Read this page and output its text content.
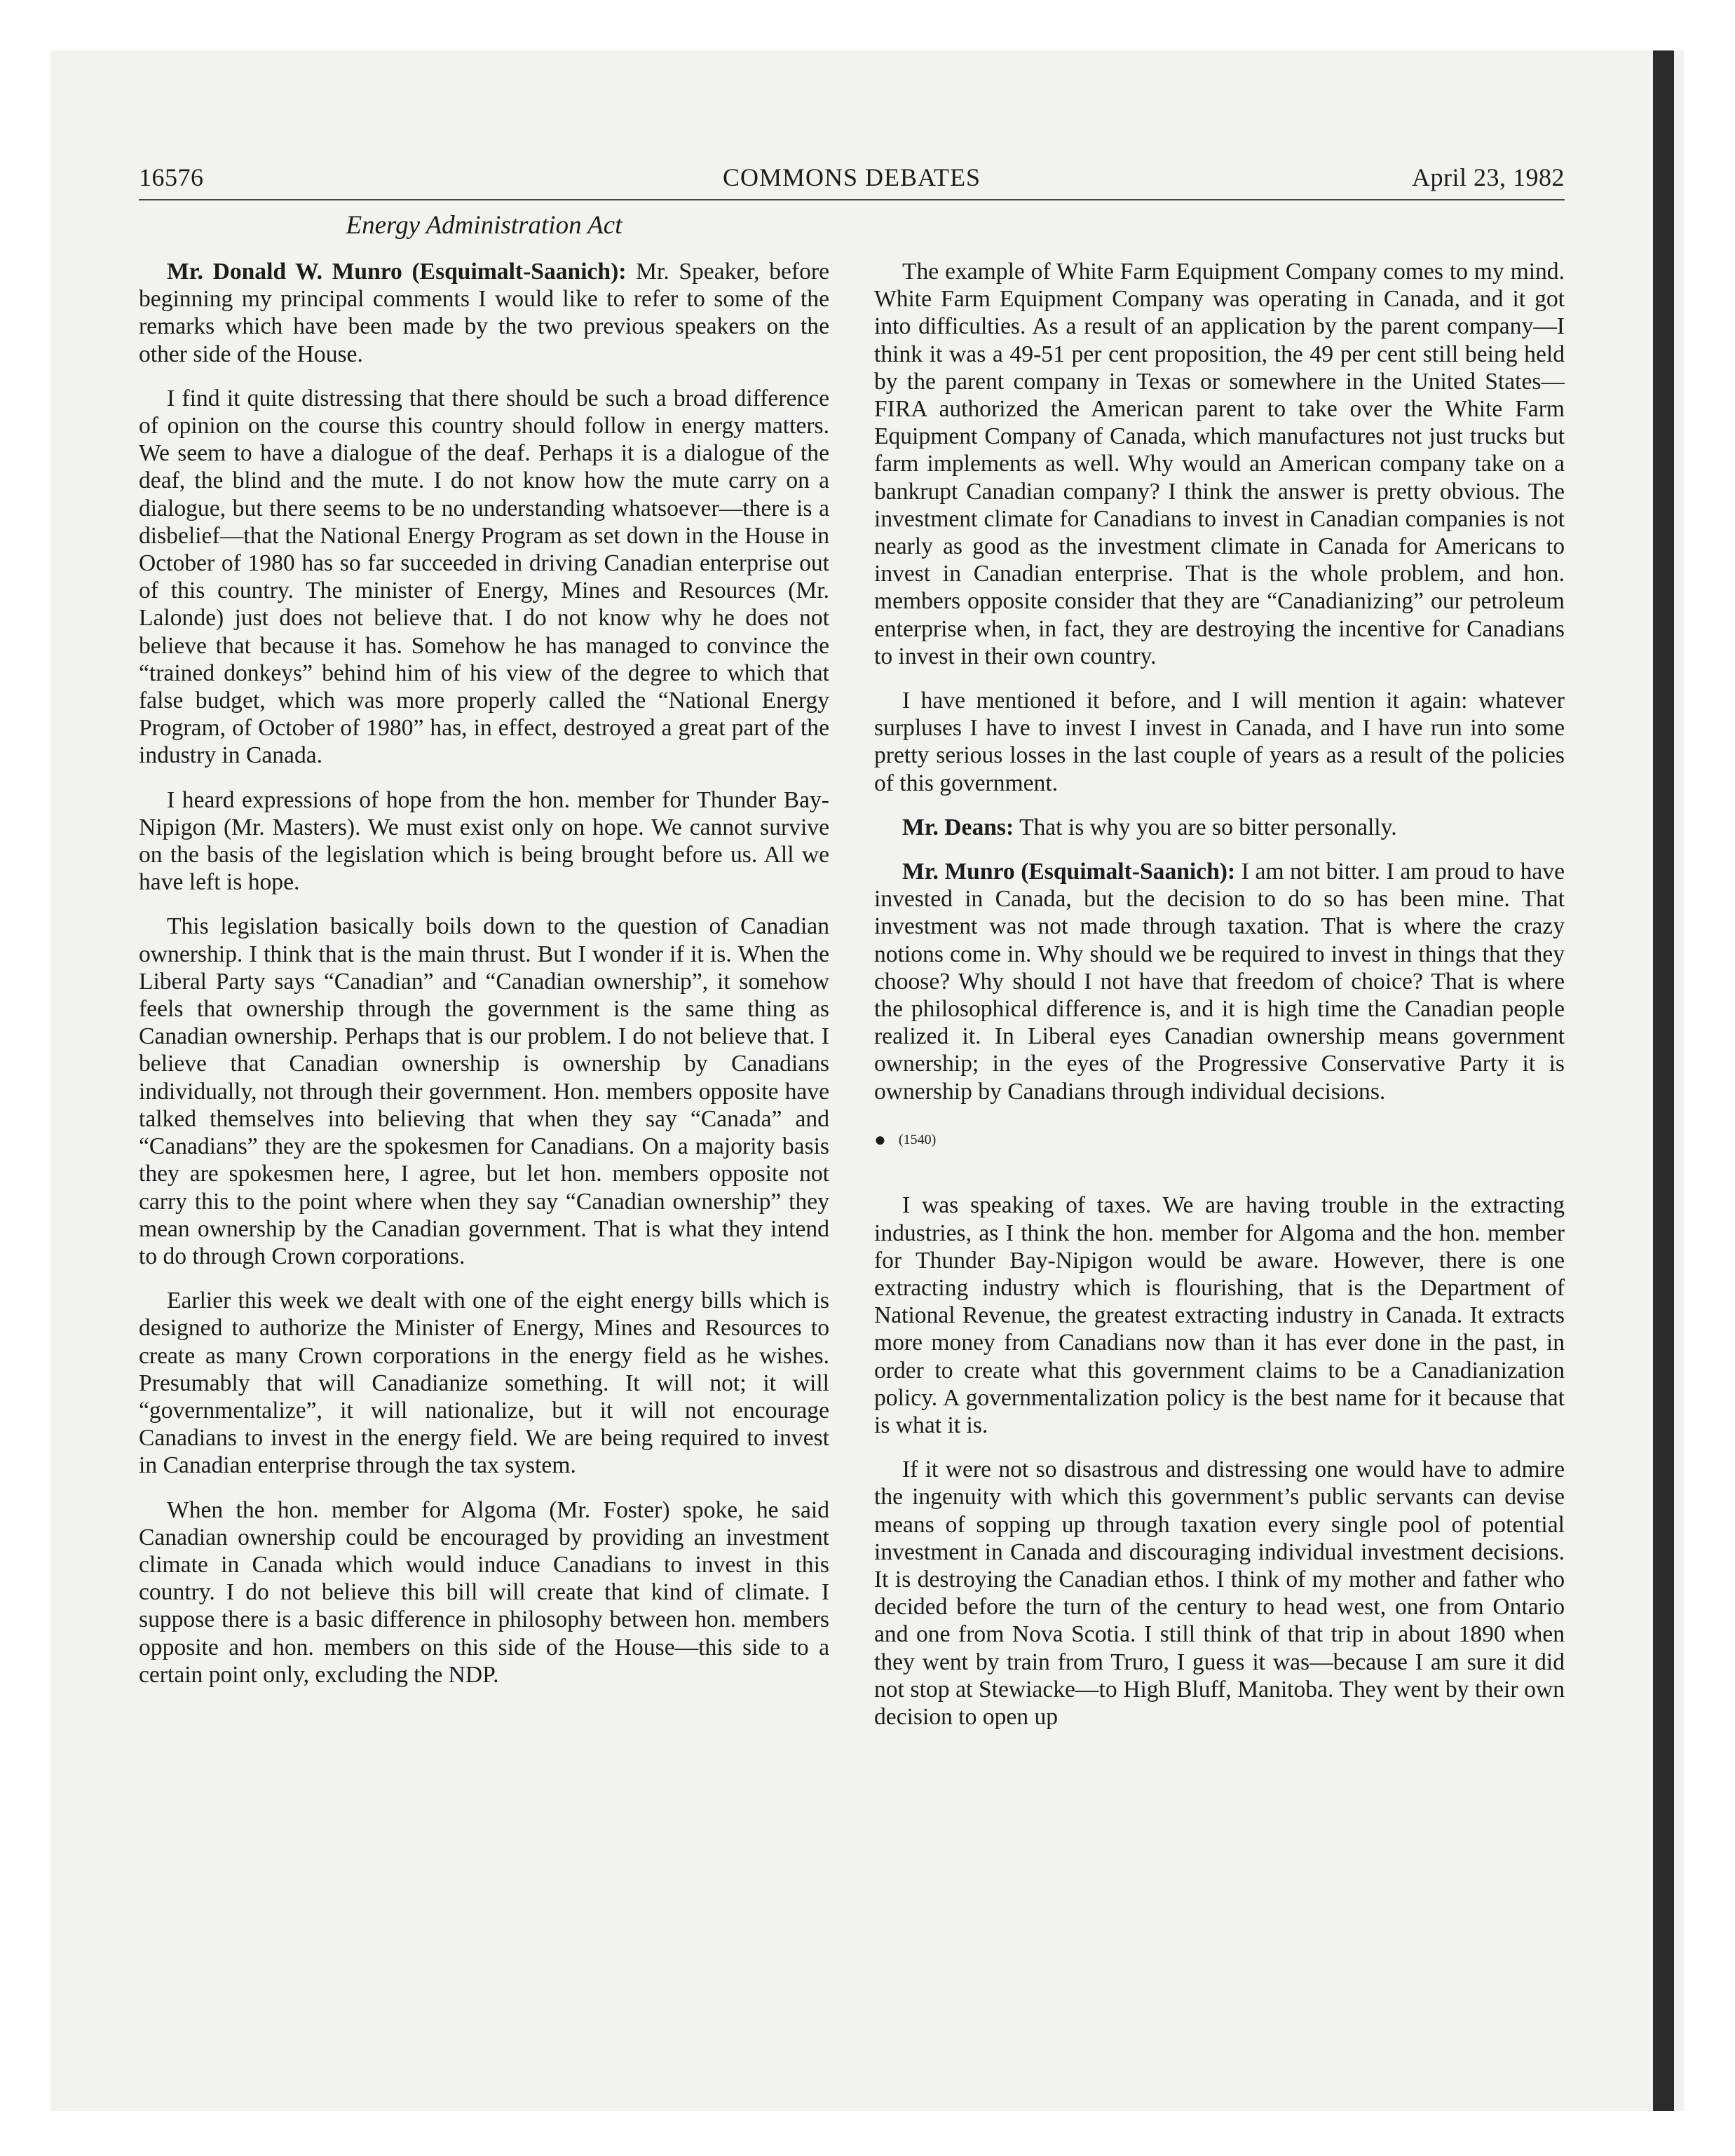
16576	COMMONS DEBATES	April 23, 1982
Energy Administration Act

Mr. Donald W. Munro (Esquimalt-Saanich): Mr. Speaker, before beginning my principal comments I would like to refer to some of the remarks which have been made by the two previous speakers on the other side of the House.

I find it quite distressing that there should be such a broad difference of opinion on the course this country should follow in energy matters. We seem to have a dialogue of the deaf. Perhaps it is a dialogue of the deaf, the blind and the mute. I do not know how the mute carry on a dialogue, but there seems to be no understanding whatsoever—there is a disbelief—that the National Energy Program as set down in the House in October of 1980 has so far succeeded in driving Canadian enterprise out of this country. The minister of Energy, Mines and Resources (Mr. Lalonde) just does not believe that. I do not know why he does not believe that because it has. Somehow he has managed to convince the “trained donkeys” behind him of his view of the degree to which that false budget, which was more properly called the “National Energy Program, of October of 1980” has, in effect, destroyed a great part of the industry in Canada.

I heard expressions of hope from the hon. member for Thunder Bay-Nipigon (Mr. Masters). We must exist only on hope. We cannot survive on the basis of the legislation which is being brought before us. All we have left is hope.

This legislation basically boils down to the question of Canadian ownership. I think that is the main thrust. But I wonder if it is. When the Liberal Party says “Canadian” and “Canadian ownership”, it somehow feels that ownership through the government is the same thing as Canadian ownership. Perhaps that is our problem. I do not believe that. I believe that Canadian ownership is ownership by Canadians individually, not through their government. Hon. members opposite have talked themselves into believing that when they say “Canada” and “Canadians” they are the spokesmen for Canadians. On a majority basis they are spokesmen here, I agree, but let hon. members opposite not carry this to the point where when they say “Canadian ownership” they mean ownership by the Canadian government. That is what they intend to do through Crown corporations.

Earlier this week we dealt with one of the eight energy bills which is designed to authorize the Minister of Energy, Mines and Resources to create as many Crown corporations in the energy field as he wishes. Presumably that will Canadianize something. It will not; it will “governmentalize”, it will nationalize, but it will not encourage Canadians to invest in the energy field. We are being required to invest in Canadian enterprise through the tax system.

When the hon. member for Algoma (Mr. Foster) spoke, he said Canadian ownership could be encouraged by providing an investment climate in Canada which would induce Canadians to invest in this country. I do not believe this bill will create that kind of climate. I suppose there is a basic difference in philosophy between hon. members opposite and hon. members on this side of the House—this side to a certain point only, excluding the NDP.

The example of White Farm Equipment Company comes to my mind. White Farm Equipment Company was operating in Canada, and it got into difficulties. As a result of an application by the parent company—I think it was a 49-51 per cent proposition, the 49 per cent still being held by the parent company in Texas or somewhere in the United States—FIRA authorized the American parent to take over the White Farm Equipment Company of Canada, which manufactures not just trucks but farm implements as well. Why would an American company take on a bankrupt Canadian company? I think the answer is pretty obvious. The investment climate for Canadians to invest in Canadian companies is not nearly as good as the investment climate in Canada for Americans to invest in Canadian enterprise. That is the whole problem, and hon. members opposite consider that they are “Canadianizing” our petroleum enterprise when, in fact, they are destroying the incentive for Canadians to invest in their own country.

I have mentioned it before, and I will mention it again: whatever surpluses I have to invest I invest in Canada, and I have run into some pretty serious losses in the last couple of years as a result of the policies of this government.

Mr. Deans: That is why you are so bitter personally.

Mr. Munro (Esquimalt-Saanich): I am not bitter. I am proud to have invested in Canada, but the decision to do so has been mine. That investment was not made through taxation. That is where the crazy notions come in. Why should we be required to invest in things that they choose? Why should I not have that freedom of choice? That is where the philosophical difference is, and it is high time the Canadian people realized it. In Liberal eyes Canadian ownership means government ownership; in the eyes of the Progressive Conservative Party it is ownership by Canadians through individual decisions.

● (1540)

I was speaking of taxes. We are having trouble in the extracting industries, as I think the hon. member for Algoma and the hon. member for Thunder Bay-Nipigon would be aware. However, there is one extracting industry which is flourishing, that is the Department of National Revenue, the greatest extracting industry in Canada. It extracts more money from Canadians now than it has ever done in the past, in order to create what this government claims to be a Canadianization policy. A governmentalization policy is the best name for it because that is what it is.

If it were not so disastrous and distressing one would have to admire the ingenuity with which this government’s public servants can devise means of sopping up through taxation every single pool of potential investment in Canada and discouraging individual investment decisions. It is destroying the Canadian ethos. I think of my mother and father who decided before the turn of the century to head west, one from Ontario and one from Nova Scotia. I still think of that trip in about 1890 when they went by train from Truro, I guess it was—because I am sure it did not stop at Stewiacke—to High Bluff, Manitoba. They went by their own decision to open up
